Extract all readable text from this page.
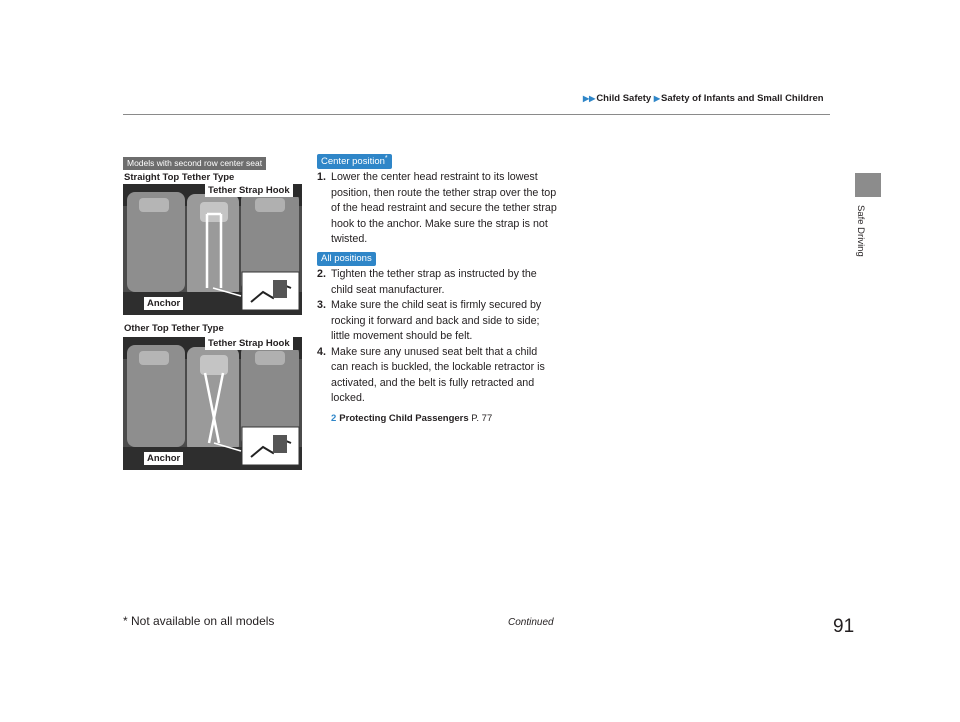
▶▶Child Safety ▶Safety of Infants and Small Children
Safe Driving
Models with second row center seat
Straight Top Tether Type
Tether Strap Hook
Anchor
Other Top Tether Type
Tether Strap Hook
Anchor
Center position*
All positions

1. Lower the center head restraint to its lowest position, then route the tether strap over the top of the head restraint and secure the tether strap hook to the anchor. Make sure the strap is not twisted.

2. Tighten the tether strap as instructed by the child seat manufacturer.

3. Make sure the child seat is firmly secured by rocking it forward and back and side to side; little movement should be felt.

4. Make sure any unused seat belt that a child can reach is buckled, the lockable retractor is activated, and the belt is fully retracted and locked.

2 Protecting Child Passengers P. 77
* Not available on all models	Continued	91
